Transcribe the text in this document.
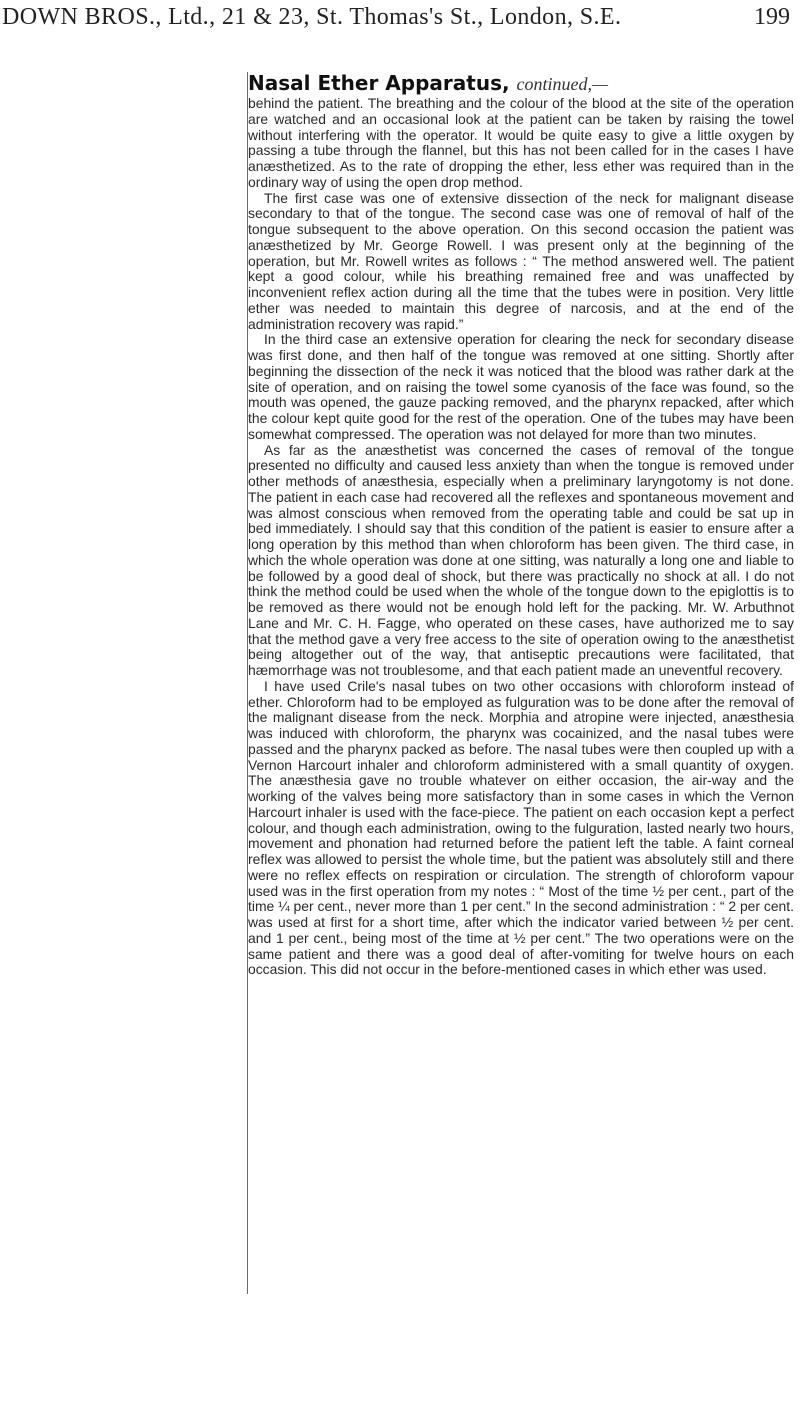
DOWN BROS., Ltd., 21 & 23, St. Thomas's St., London, S.E.	199
Nasal Ether Apparatus, continued,—

behind the patient. The breathing and the colour of the blood at the site of the operation are watched and an occasional look at the patient can be taken by raising the towel without interfering with the operator. It would be quite easy to give a little oxygen by passing a tube through the flannel, but this has not been called for in the cases I have anæsthetized. As to the rate of dropping the ether, less ether was required than in the ordinary way of using the open drop method.

The first case was one of extensive dissection of the neck for malignant disease secondary to that of the tongue. The second case was one of removal of half of the tongue subsequent to the above operation. On this second occasion the patient was anæsthetized by Mr. George Rowell. I was present only at the beginning of the operation, but Mr. Rowell writes as follows : “ The method answered well. The patient kept a good colour, while his breathing remained free and was unaffected by inconvenient reflex action during all the time that the tubes were in position. Very little ether was needed to maintain this degree of narcosis, and at the end of the administration recovery was rapid.”

In the third case an extensive operation for clearing the neck for secondary disease was first done, and then half of the tongue was removed at one sitting. Shortly after beginning the dissection of the neck it was noticed that the blood was rather dark at the site of operation, and on raising the towel some cyanosis of the face was found, so the mouth was opened, the gauze packing removed, and the pharynx repacked, after which the colour kept quite good for the rest of the operation. One of the tubes may have been somewhat compressed. The operation was not delayed for more than two minutes.

As far as the anæsthetist was concerned the cases of removal of the tongue presented no difficulty and caused less anxiety than when the tongue is removed under other methods of anæsthesia, especially when a preliminary laryngotomy is not done. The patient in each case had recovered all the reflexes and spontaneous movement and was almost conscious when removed from the operating table and could be sat up in bed immediately. I should say that this condition of the patient is easier to ensure after a long operation by this method than when chloroform has been given. The third case, in which the whole operation was done at one sitting, was naturally a long one and liable to be followed by a good deal of shock, but there was practically no shock at all. I do not think the method could be used when the whole of the tongue down to the epiglottis is to be removed as there would not be enough hold left for the packing. Mr. W. Arbuthnot Lane and Mr. C. H. Fagge, who operated on these cases, have authorized me to say that the method gave a very free access to the site of operation owing to the anæsthetist being altogether out of the way, that antiseptic precautions were facilitated, that hæmorrhage was not troublesome, and that each patient made an uneventful recovery.

I have used Crile's nasal tubes on two other occasions with chloroform instead of ether. Chloroform had to be employed as fulguration was to be done after the removal of the malignant disease from the neck. Morphia and atropine were injected, anæsthesia was induced with chloroform, the pharynx was cocainized, and the nasal tubes were passed and the pharynx packed as before. The nasal tubes were then coupled up with a Vernon Harcourt inhaler and chloroform administered with a small quantity of oxygen. The anæsthesia gave no trouble whatever on either occasion, the air-way and the working of the valves being more satisfactory than in some cases in which the Vernon Harcourt inhaler is used with the face-piece. The patient on each occasion kept a perfect colour, and though each administration, owing to the fulguration, lasted nearly two hours, movement and phonation had returned before the patient left the table. A faint corneal reflex was allowed to persist the whole time, but the patient was absolutely still and there were no reflex effects on respiration or circulation. The strength of chloroform vapour used was in the first operation from my notes : “ Most of the time ½ per cent., part of the time ¼ per cent., never more than 1 per cent.” In the second administration : “ 2 per cent. was used at first for a short time, after which the indicator varied between ½ per cent. and 1 per cent., being most of the time at ½ per cent.” The two operations were on the same patient and there was a good deal of after-vomiting for twelve hours on each occasion. This did not occur in the before-mentioned cases in which ether was used.
